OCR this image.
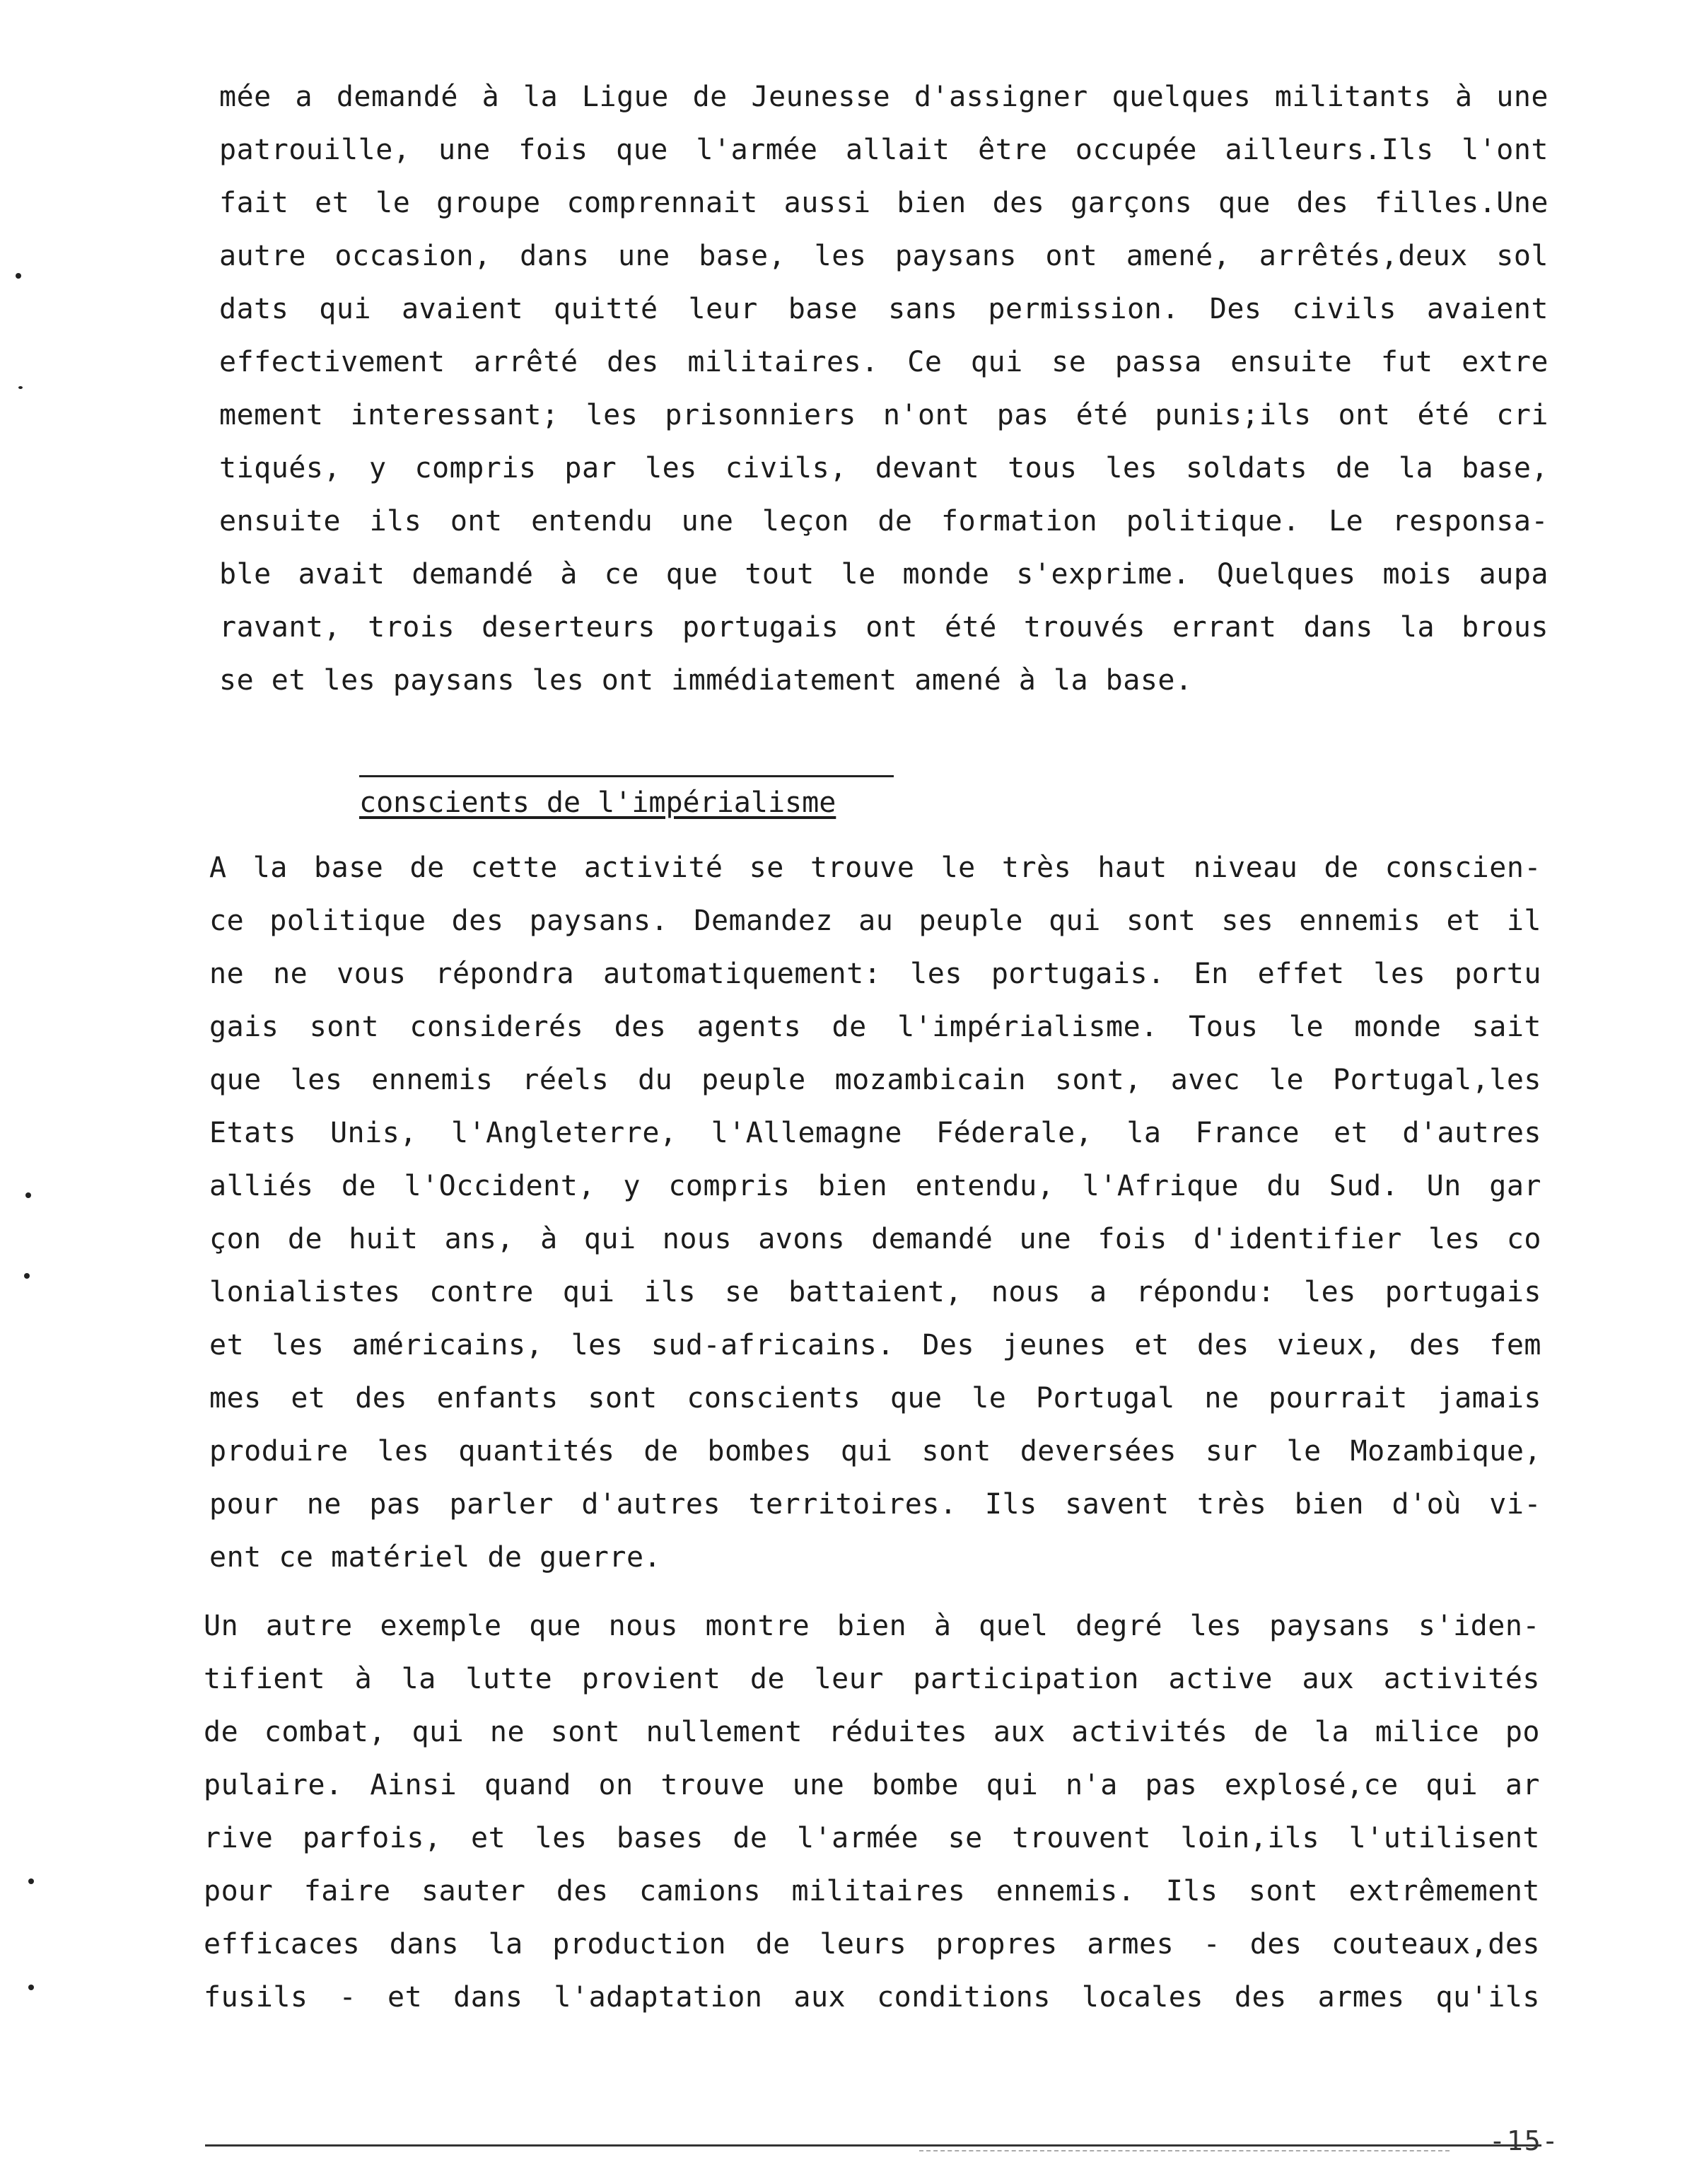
mée a demandé à la Ligue de Jeunesse d'assigner quelques militants à une
patrouille, une fois que l'armée allait être occupée ailleurs.Ils l'ont
fait et le groupe comprennait aussi bien des garçons que des filles.Une
autre occasion, dans une base, les paysans ont amené, arrêtés,deux sol
dats qui avaient quitté leur base sans permission. Des civils avaient
effectivement arrêté des militaires. Ce qui se passa ensuite fut extre
mement interessant; les prisonniers n'ont pas été punis;ils ont été cri
tiqués, y compris par les civils, devant tous les soldats de la base,
ensuite ils ont entendu une leçon de formation politique. Le responsa-
ble avait demandé à ce que tout le monde s'exprime. Quelques mois aupa
ravant, trois deserteurs portugais ont été trouvés errant dans la brous
se et les paysans les ont immédiatement amené à la base.
conscients de l'impérialisme
A la base de cette activité se trouve le très haut niveau de conscien-
ce politique des paysans. Demandez au peuple qui sont ses ennemis et il
ne ne vous répondra automatiquement: les portugais. En effet les portu
gais sont considerés des agents de l'impérialisme. Tous le monde sait
que les ennemis réels du peuple mozambicain sont, avec le Portugal,les
Etats Unis, l'Angleterre, l'Allemagne Féderale, la France et d'autres
alliés de l'Occident, y compris bien entendu, l'Afrique du Sud. Un gar
çon de huit ans, à qui nous avons demandé une fois d'identifier les co
lonialistes contre qui ils se battaient, nous a répondu: les portugais
et les américains, les sud-africains. Des jeunes et des vieux, des fem
mes et des enfants sont conscients que le Portugal ne pourrait jamais
produire les quantités de bombes qui sont deversées sur le Mozambique,
pour ne pas parler d'autres territoires. Ils savent très bien d'où vi-
ent ce matériel de guerre.
Un autre exemple que nous montre bien à quel degré les paysans s'iden-
tifient à la lutte provient de leur participation active aux activités
de combat, qui ne sont nullement réduites aux activités de la milice po
pulaire. Ainsi quand on trouve une bombe qui n'a pas explosé,ce qui ar
rive parfois, et les bases de l'armée se trouvent loin,ils l'utilisent
pour faire sauter des camions militaires ennemis. Ils sont extrêmement
efficaces dans la production de leurs propres armes - des couteaux,des
fusils - et dans l'adaptation aux conditions locales des armes qu'ils
-15-
